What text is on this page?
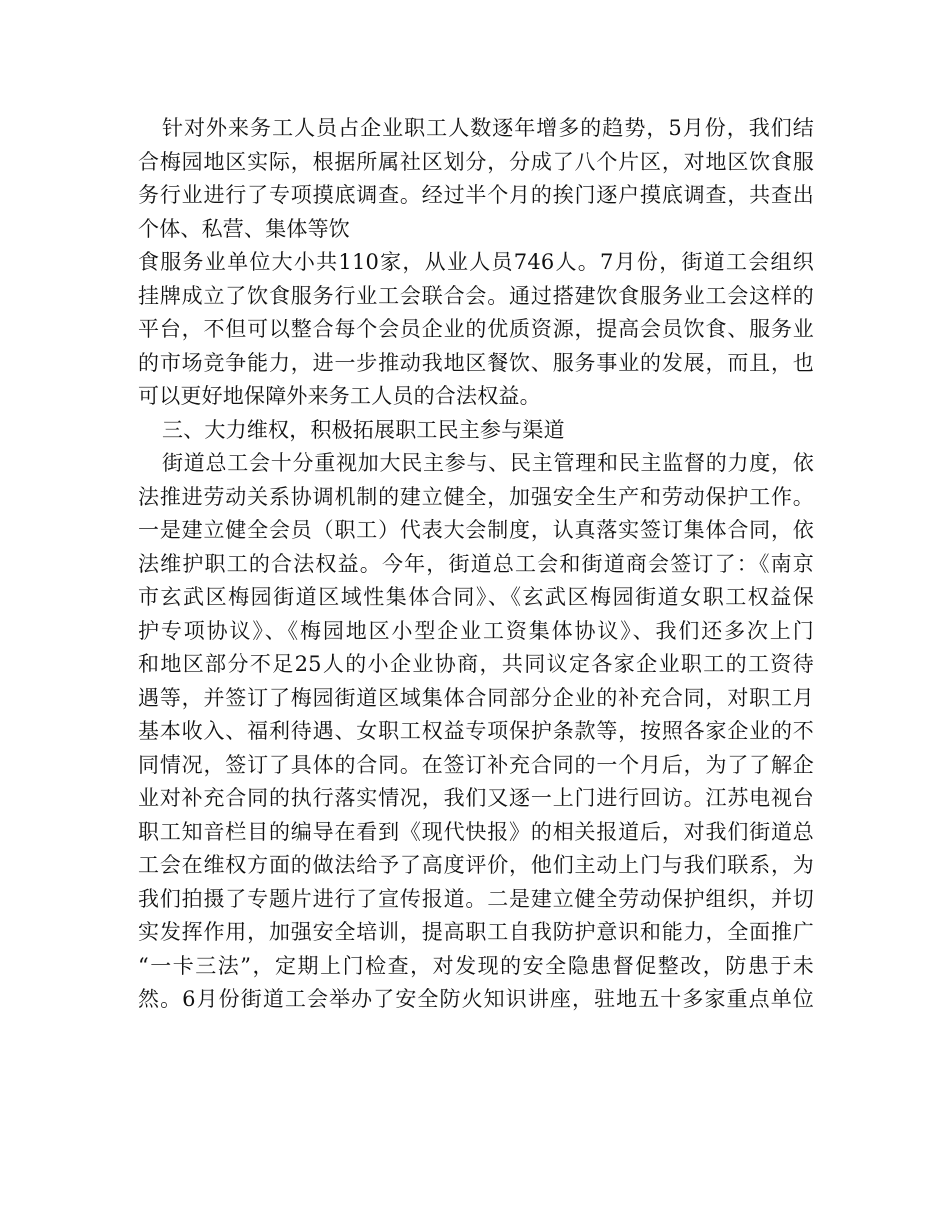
针对外来务工人员占企业职工人数逐年增多的趋势，5月份，我们结
合梅园地区实际，根据所属社区划分，分成了八个片区，对地区饮食服
务行业进行了专项摸底调查。经过半个月的挨门逐户摸底调查，共查出
个体、私营、集体等饮
食服务业单位大小共110家，从业人员746人。7月份，街道工会组织
挂牌成立了饮食服务行业工会联合会。通过搭建饮食服务业工会这样的
平台，不但可以整合每个会员企业的优质资源，提高会员饮食、服务业
的市场竞争能力，进一步推动我地区餐饮、服务事业的发展，而且，也
可以更好地保障外来务工人员的合法权益。
三、大力维权，积极拓展职工民主参与渠道
街道总工会十分重视加大民主参与、民主管理和民主监督的力度，依
法推进劳动关系协调机制的建立健全，加强安全生产和劳动保护工作。
一是建立健全会员（职工）代表大会制度，认真落实签订集体合同，依
法维护职工的合法权益。今年，街道总工会和街道商会签订了：《南京
市玄武区梅园街道区域性集体合同》、《玄武区梅园街道女职工权益保
护专项协议》、《梅园地区小型企业工资集体协议》、我们还多次上门
和地区部分不足25人的小企业协商，共同议定各家企业职工的工资待
遇等，并签订了梅园街道区域集体合同部分企业的补充合同，对职工月
基本收入、福利待遇、女职工权益专项保护条款等，按照各家企业的不
同情况，签订了具体的合同。在签订补充合同的一个月后，为了了解企
业对补充合同的执行落实情况，我们又逐一上门进行回访。江苏电视台
职工知音栏目的编导在看到《现代快报》的相关报道后，对我们街道总
工会在维权方面的做法给予了高度评价，他们主动上门与我们联系，为
我们拍摄了专题片进行了宣传报道。二是建立健全劳动保护组织，并切
实发挥作用，加强安全培训，提高职工自我防护意识和能力，全面推广
“一卡三法”，定期上门检查，对发现的安全隐患督促整改，防患于未
然。6月份街道工会举办了安全防火知识讲座，驻地五十多家重点单位
